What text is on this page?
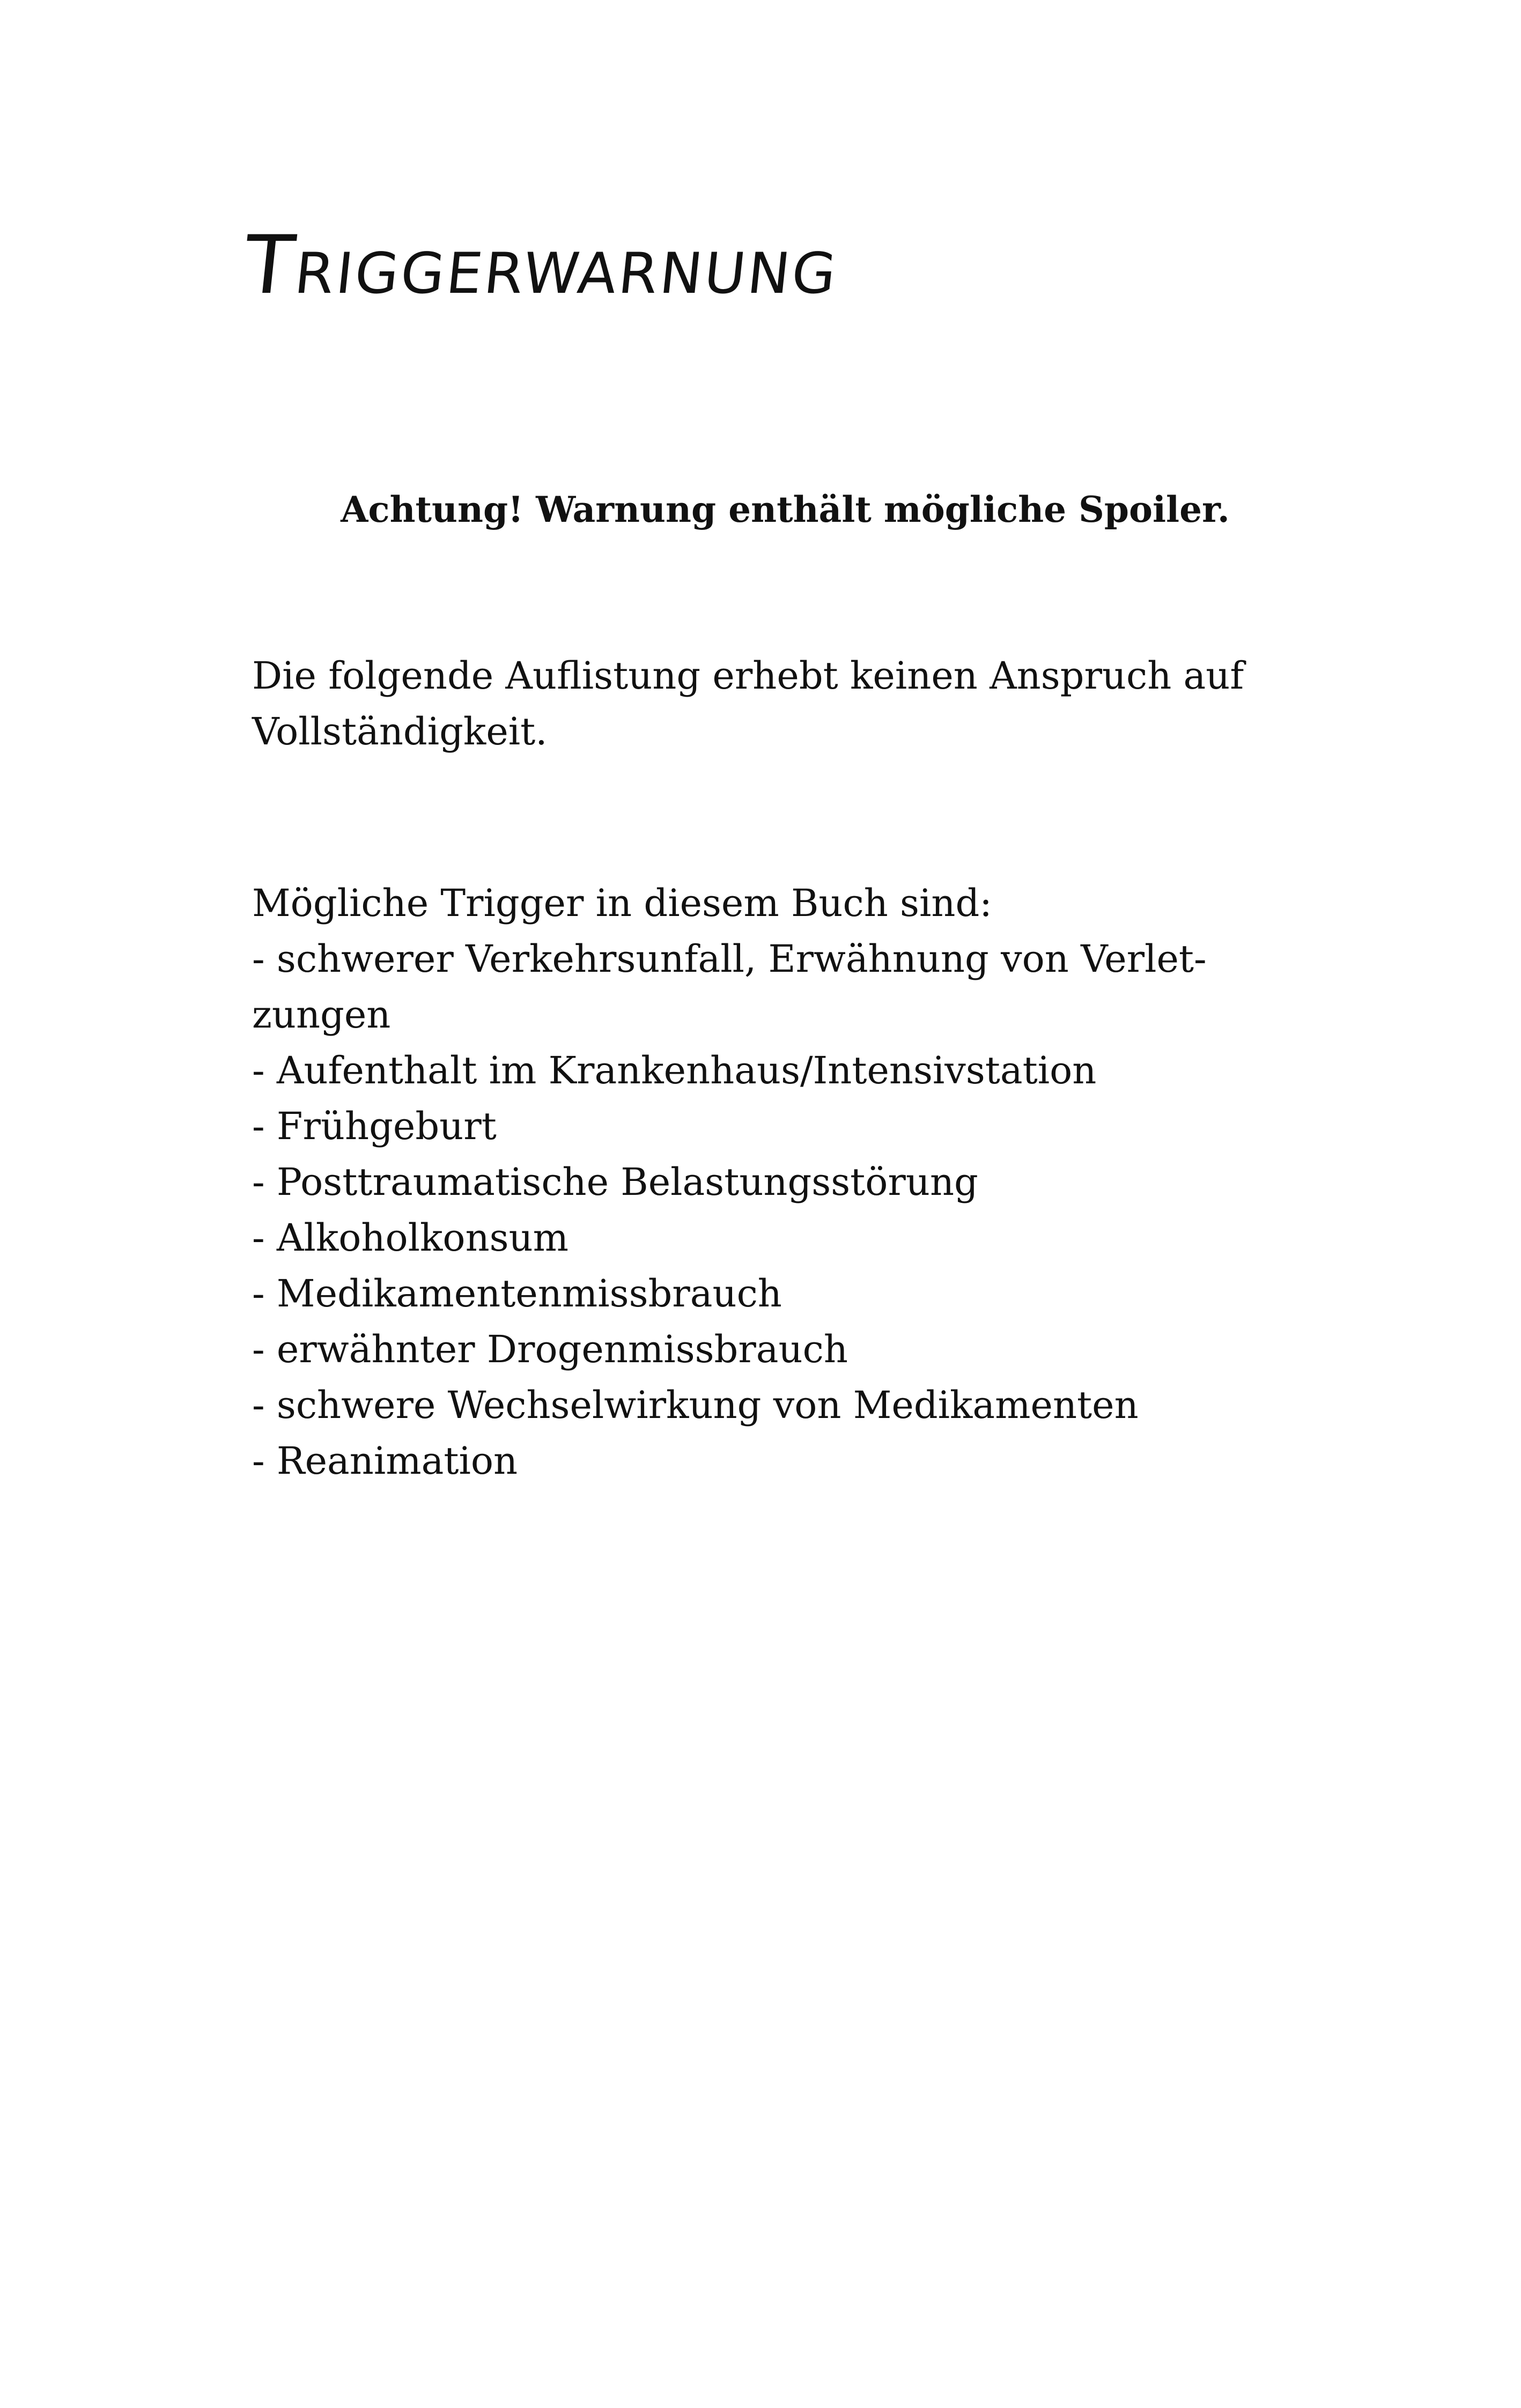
Triggerwarnung

Achtung! Warnung enthält mögliche Spoiler.

Die folgende Auflistung erhebt keinen Anspruch auf
Vollständigkeit.

Mögliche Trigger in diesem Buch sind:

- schwerer Verkehrsunfall, Erwähnung von Verlet-
zungen
- Aufenthalt im Krankenhaus/Intensivstation
- Frühgeburt
- Posttraumatische Belastungsstörung
- Alkoholkonsum
- Medikamentenmissbrauch
- erwähnter Drogenmissbrauch
- schwere Wechselwirkung von Medikamenten
- Reanimation
